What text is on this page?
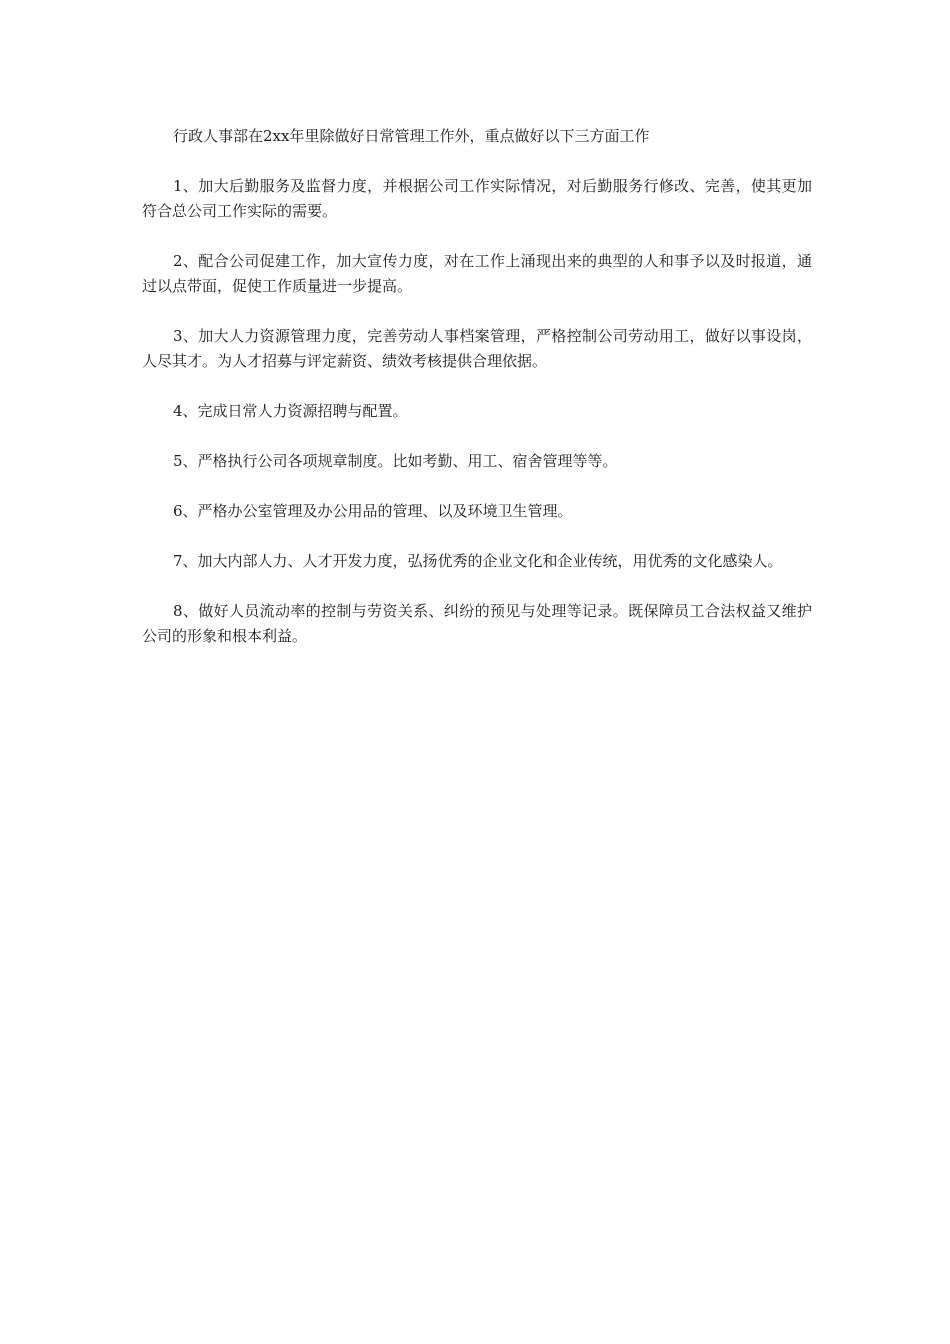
行政人事部在2xx年里除做好日常管理工作外，重点做好以下三方面工作

1、加大后勤服务及监督力度，并根据公司工作实际情况，对后勤服务行修改、完善，使其更加符合总公司工作实际的需要。

2、配合公司促建工作，加大宣传力度，对在工作上涌现出来的典型的人和事予以及时报道，通过以点带面，促使工作质量进一步提高。

3、加大人力资源管理力度，完善劳动人事档案管理，严格控制公司劳动用工，做好以事设岗，人尽其才。为人才招募与评定薪资、绩效考核提供合理依据。

4、完成日常人力资源招聘与配置。

5、严格执行公司各项规章制度。比如考勤、用工、宿舍管理等等。

6、严格办公室管理及办公用品的管理、以及环境卫生管理。

7、加大内部人力、人才开发力度，弘扬优秀的企业文化和企业传统，用优秀的文化感染人。

8、做好人员流动率的控制与劳资关系、纠纷的预见与处理等记录。既保障员工合法权益又维护公司的形象和根本利益。
